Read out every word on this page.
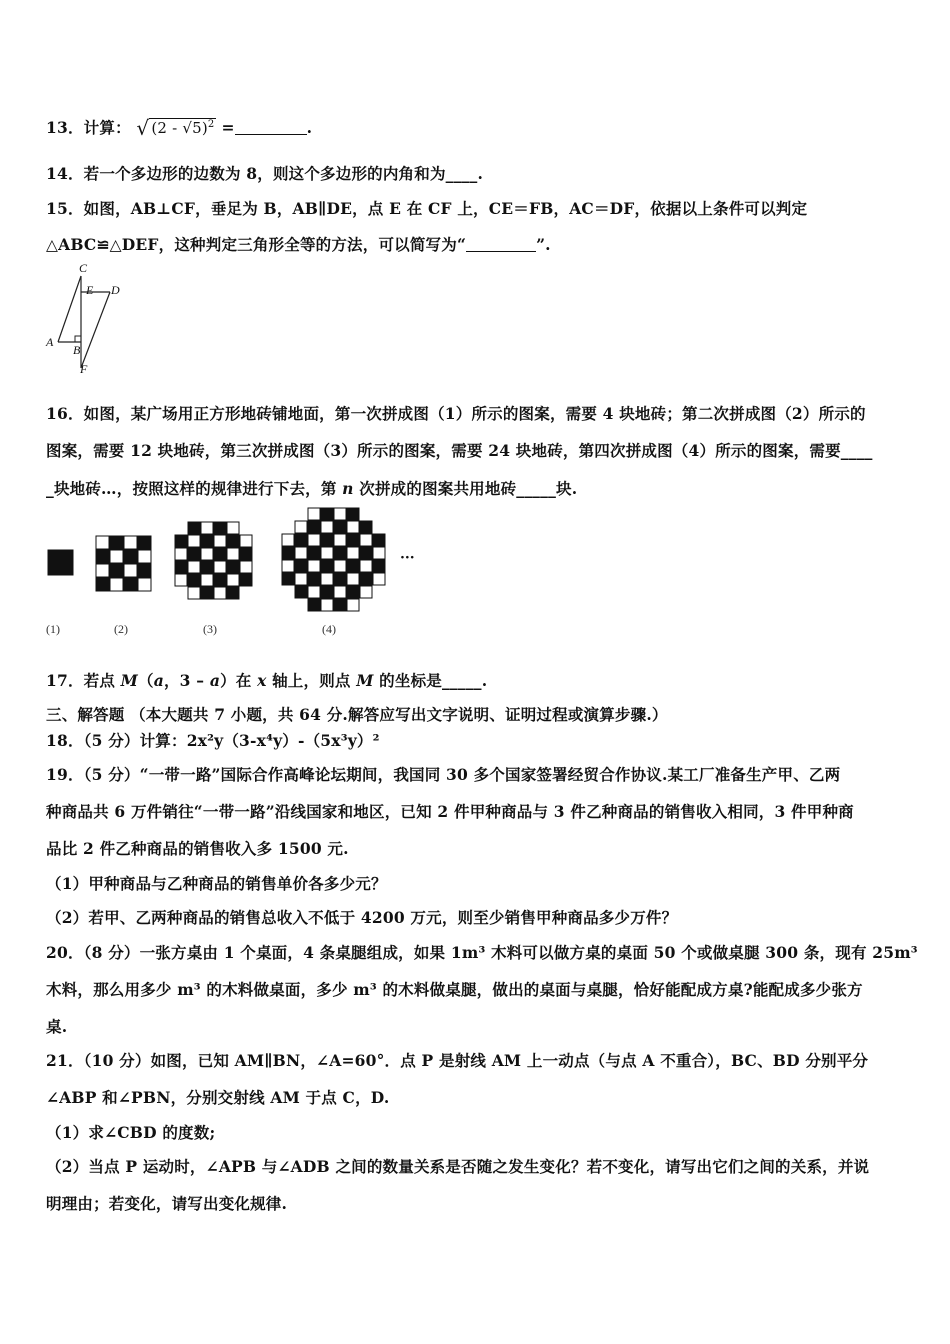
13．计算： √ (2 - √5)$^2$ =	.
14．若一个多边形的边数为 8，则这个多边形的内角和为____.
15．如图，AB⊥CF，垂足为 B，AB∥DE，点 E 在 CF 上，CE＝FB，AC＝DF，依据以上条件可以判定
△ABC≌△DEF，这种判定三角形全等的方法，可以简写为“	”.
C
E D
A
B
F
16．如图，某广场用正方形地砖铺地面，第一次拼成图（1）所示的图案，需要 4 块地砖；第二次拼成图（2）所示的
图案，需要 12 块地砖，第三次拼成图（3）所示的图案，需要 24 块地砖，第四次拼成图（4）所示的图案，需要____
_块地砖…，按照这样的规律进行下去，第 n 次拼成的图案共用地砖_____块.
···
(1)	(2)	(3)	(4)
17．若点 M（a，3 – a）在 x 轴上，则点 M 的坐标是_____.
三、解答题 （本大题共 7 小题，共 64 分.解答应写出文字说明、证明过程或演算步骤.）
18．（5 分）计算：2x²y（3-x⁴y）-（5x³y）²
19．（5 分）“一带一路”国际合作高峰论坛期间，我国同 30 多个国家签署经贸合作协议.某工厂准备生产甲、乙两
种商品共 6 万件销往“一带一路”沿线国家和地区，已知 2 件甲种商品与 3 件乙种商品的销售收入相同，3 件甲种商
品比 2 件乙种商品的销售收入多 1500 元.
（1）甲种商品与乙种商品的销售单价各多少元？
（2）若甲、乙两种商品的销售总收入不低于 4200 万元，则至少销售甲种商品多少万件？
20．（8 分）一张方桌由 1 个桌面，4 条桌腿组成，如果 1m³ 木料可以做方桌的桌面 50 个或做桌腿 300 条，现有 25m³
木料，那么用多少 m³ 的木料做桌面，多少 m³ 的木料做桌腿，做出的桌面与桌腿，恰好能配成方桌?能配成多少张方
桌.
21．（10 分）如图，已知 AM∥BN，∠A=60°．点 P 是射线 AM 上一动点（与点 A 不重合），BC、BD 分别平分
∠ABP 和∠PBN，分别交射线 AM 于点 C，D.
（1）求∠CBD 的度数;
（2）当点 P 运动时，∠APB 与∠ADB 之间的数量关系是否随之发生变化？若不变化，请写出它们之间的关系，并说
明理由；若变化，请写出变化规律.
